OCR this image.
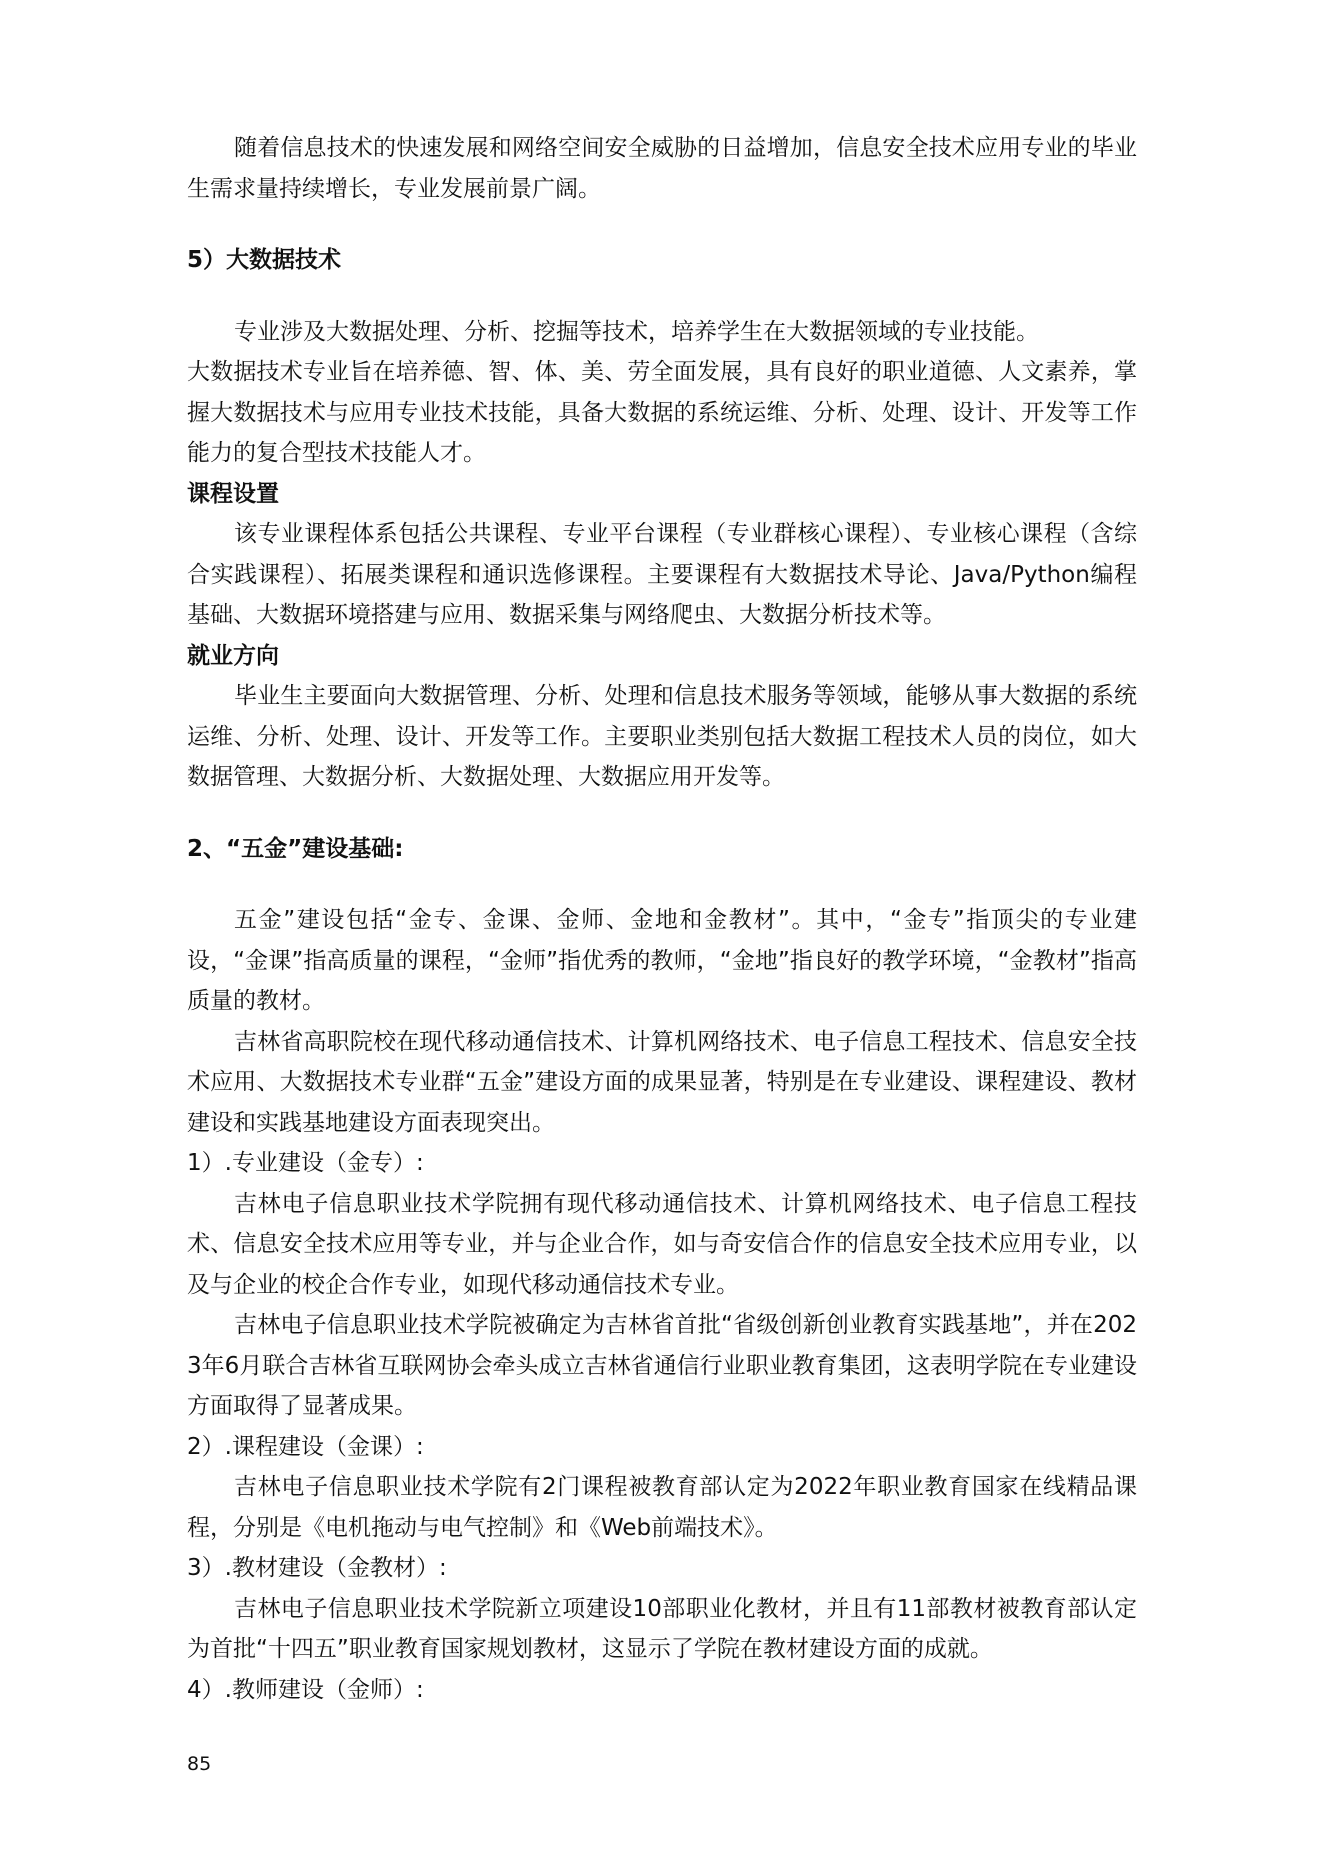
随着信息技术的快速发展和网络空间安全威胁的日益增加，信息安全技术应用专业的毕业生需求量持续增长，专业发展前景广阔。

5）大数据技术

专业涉及大数据处理、分析、挖掘等技术，培养学生在大数据领域的专业技能。

大数据技术专业旨在培养德、智、体、美、劳全面发展，具有良好的职业道德、人文素养，掌握大数据技术与应用专业技术技能，具备大数据的系统运维、分析、处理、设计、开发等工作能力的复合型技术技能人才。

课程设置

该专业课程体系包括公共课程、专业平台课程（专业群核心课程）、专业核心课程（含综合实践课程）、拓展类课程和通识选修课程。主要课程有大数据技术导论、Java/Python编程基础、大数据环境搭建与应用、数据采集与网络爬虫、大数据分析技术等。

就业方向

毕业生主要面向大数据管理、分析、处理和信息技术服务等领域，能够从事大数据的系统运维、分析、处理、设计、开发等工作。主要职业类别包括大数据工程技术人员的岗位，如大数据管理、大数据分析、大数据处理、大数据应用开发等。

2、“五金”建设基础:

五金”建设包括“金专、金课、金师、金地和金教材”。其中，“金专”指顶尖的专业建设，“金课”指高质量的课程，“金师”指优秀的教师，“金地”指良好的教学环境，“金教材”指高质量的教材。

吉林省高职院校在现代移动通信技术、计算机网络技术、电子信息工程技术、信息安全技术应用、大数据技术专业群“五金”建设方面的成果显著，特别是在专业建设、课程建设、教材建设和实践基地建设方面表现突出。

1）.专业建设（金专）:

吉林电子信息职业技术学院拥有现代移动通信技术、计算机网络技术、电子信息工程技术、信息安全技术应用等专业，并与企业合作，如与奇安信合作的信息安全技术应用专业，以及与企业的校企合作专业，如现代移动通信技术专业。

吉林电子信息职业技术学院被确定为吉林省首批“省级创新创业教育实践基地”，并在2023年6月联合吉林省互联网协会牵头成立吉林省通信行业职业教育集团，这表明学院在专业建设方面取得了显著成果。

2）.课程建设（金课）:

吉林电子信息职业技术学院有2门课程被教育部认定为2022年职业教育国家在线精品课程，分别是《电机拖动与电气控制》和《Web前端技术》。

3）.教材建设（金教材）:

吉林电子信息职业技术学院新立项建设10部职业化教材，并且有11部教材被教育部认定为首批“十四五”职业教育国家规划教材，这显示了学院在教材建设方面的成就。

4）.教师建设（金师）:

85
